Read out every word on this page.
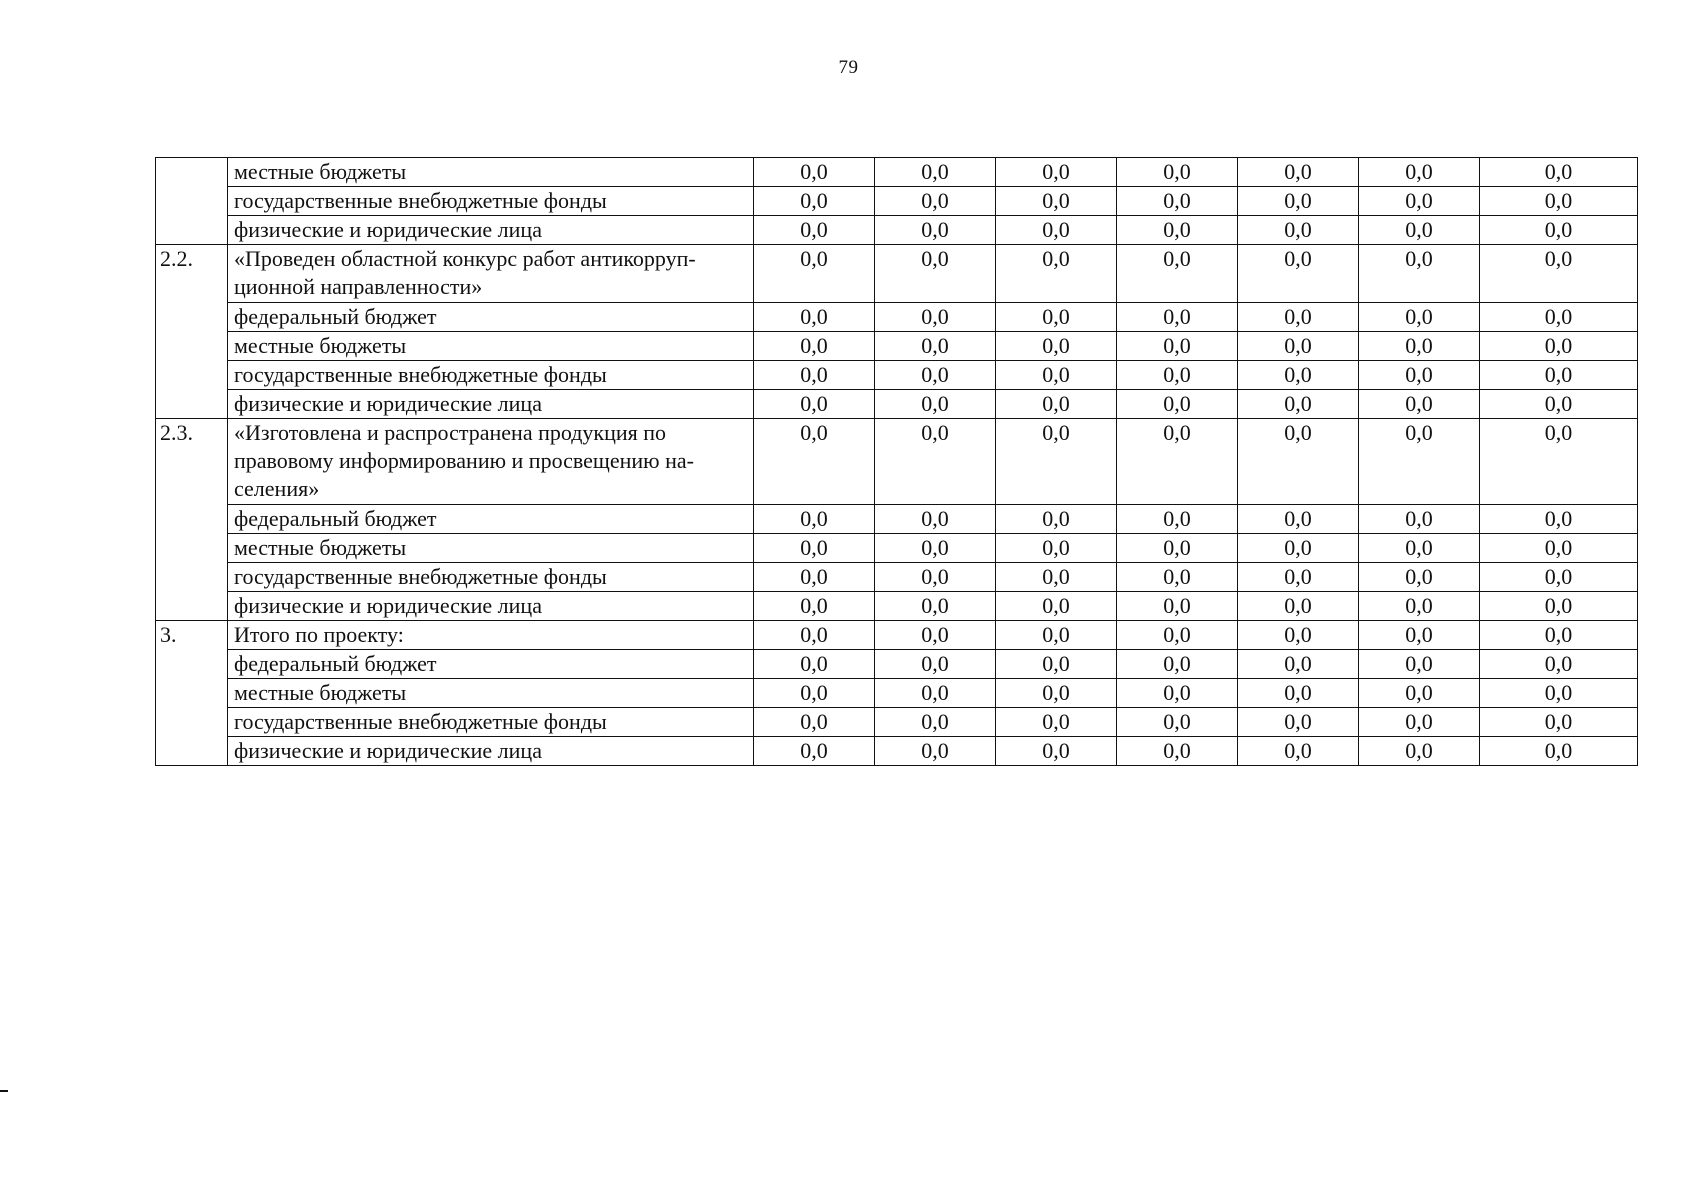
79
	местные бюджеты	0,0	0,0	0,0	0,0	0,0	0,0	0,0
	государственные внебюджетные фонды	0,0	0,0	0,0	0,0	0,0	0,0	0,0
	физические и юридические лица	0,0	0,0	0,0	0,0	0,0	0,0	0,0
2.2.	«Проведен областной конкурс работ антикорруп-ционной направленности»	0,0	0,0	0,0	0,0	0,0	0,0	0,0
	федеральный бюджет	0,0	0,0	0,0	0,0	0,0	0,0	0,0
	местные бюджеты	0,0	0,0	0,0	0,0	0,0	0,0	0,0
	государственные внебюджетные фонды	0,0	0,0	0,0	0,0	0,0	0,0	0,0
	физические и юридические лица	0,0	0,0	0,0	0,0	0,0	0,0	0,0
2.3.	«Изготовлена и распространена продукция по правовому информированию и просвещению на-селения»	0,0	0,0	0,0	0,0	0,0	0,0	0,0
	федеральный бюджет	0,0	0,0	0,0	0,0	0,0	0,0	0,0
	местные бюджеты	0,0	0,0	0,0	0,0	0,0	0,0	0,0
	государственные внебюджетные фонды	0,0	0,0	0,0	0,0	0,0	0,0	0,0
	физические и юридические лица	0,0	0,0	0,0	0,0	0,0	0,0	0,0
3.	Итого по проекту:	0,0	0,0	0,0	0,0	0,0	0,0	0,0
	федеральный бюджет	0,0	0,0	0,0	0,0	0,0	0,0	0,0
	местные бюджеты	0,0	0,0	0,0	0,0	0,0	0,0	0,0
	государственные внебюджетные фонды	0,0	0,0	0,0	0,0	0,0	0,0	0,0
	физические и юридические лица	0,0	0,0	0,0	0,0	0,0	0,0	0,0
